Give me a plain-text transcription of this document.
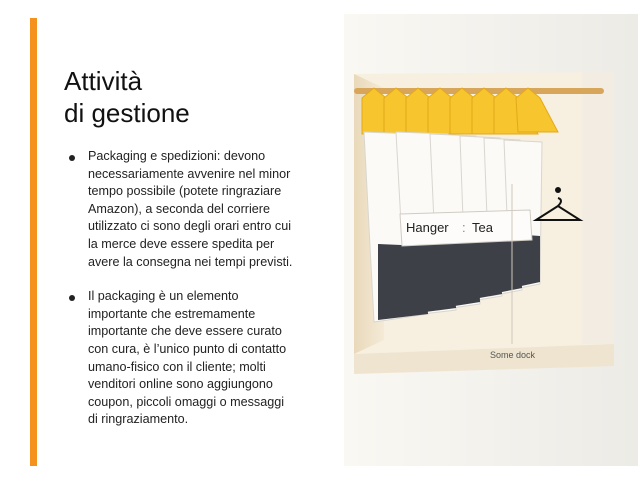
Attività
di gestione
Packaging e spedizioni: devono necessariamente avvenire nel minor tempo possibile (potete ringraziare Amazon), a seconda del corriere utilizzato ci sono degli orari entro cui la merce deve essere spedita per avere la consegna nei tempi previsti.
Il packaging è un elemento importante che estremamente importante che deve essere curato con cura, è l’unico punto di contatto umano-fisico con il cliente; molti venditori online sono aggiungono coupon, piccoli omaggi o messaggi di ringraziamento.
Hanger : Tea
Some dock
